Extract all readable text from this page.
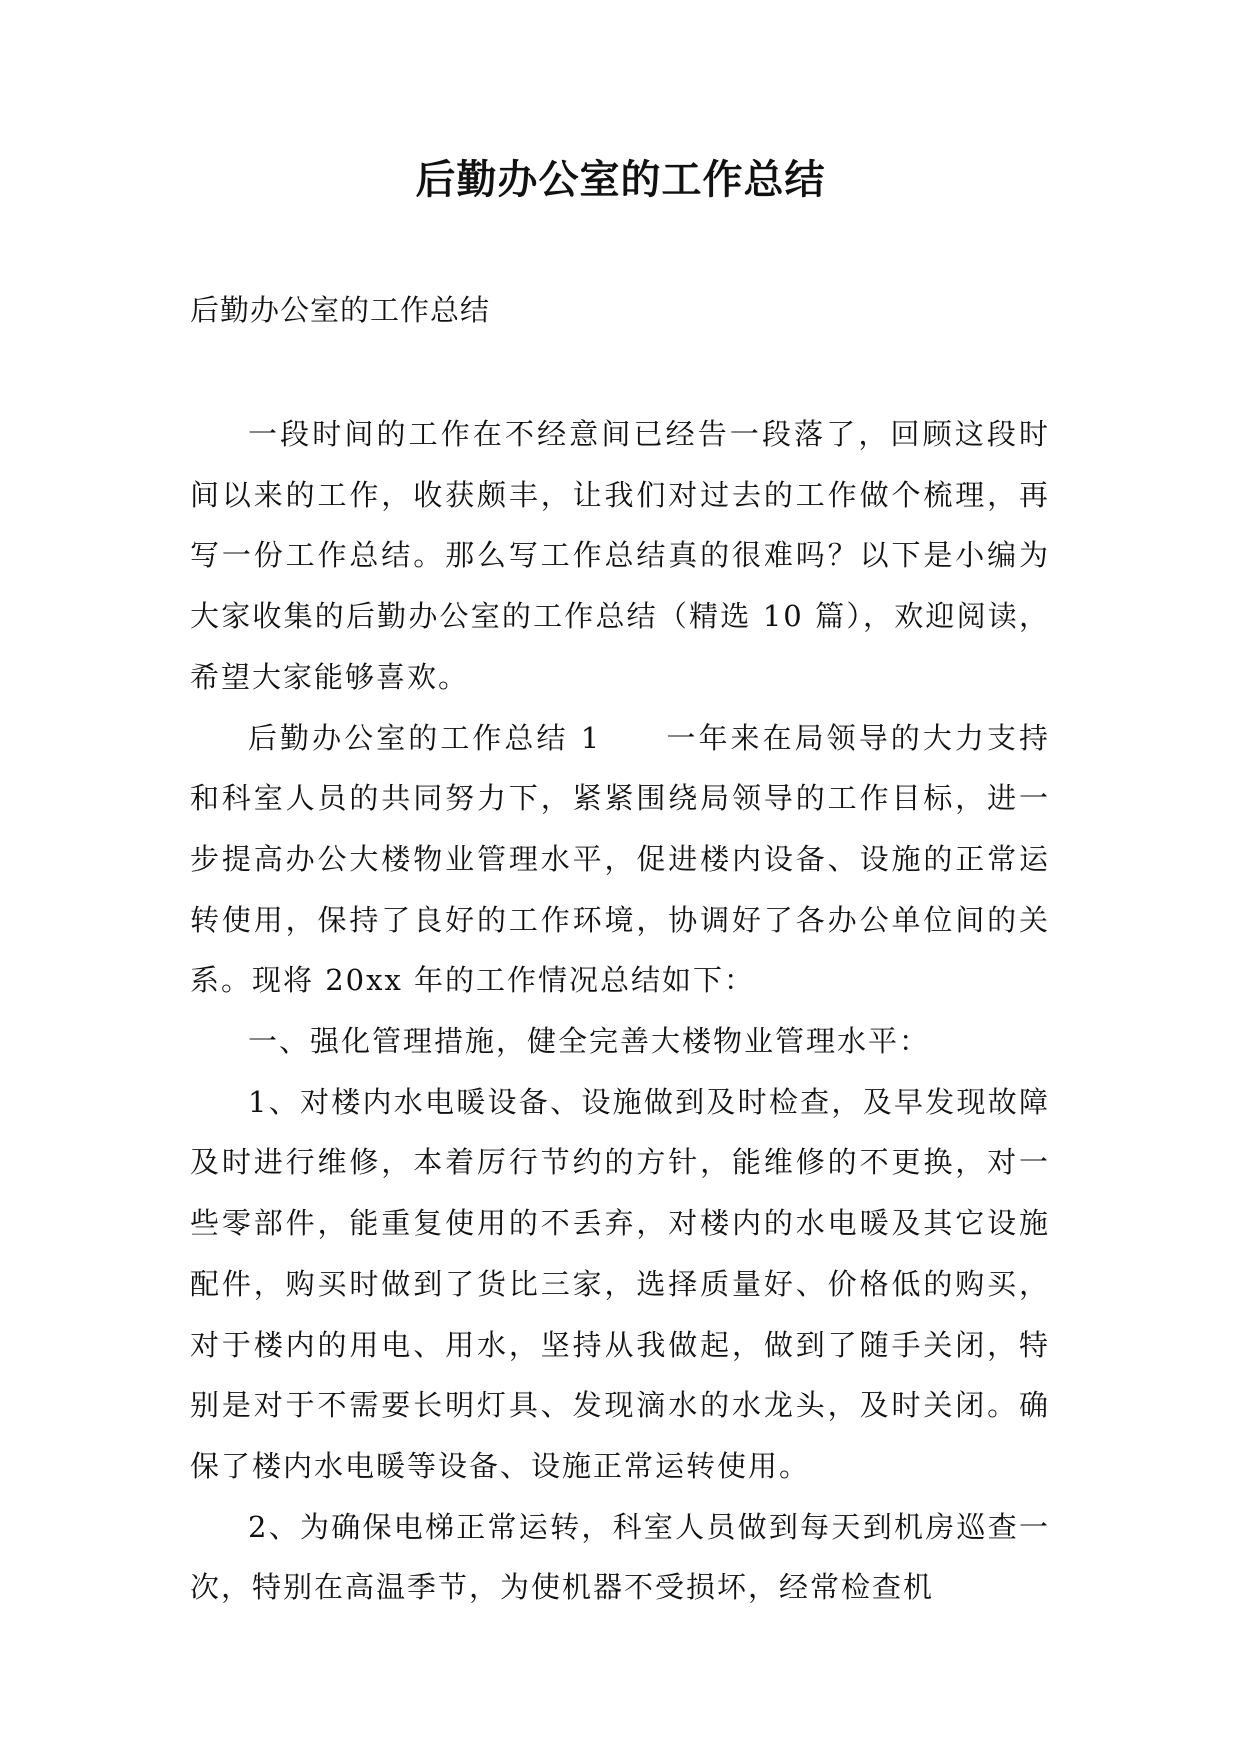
后勤办公室的工作总结
后勤办公室的工作总结

一段时间的工作在不经意间已经告一段落了，回顾这段时间以来的工作，收获颇丰，让我们对过去的工作做个梳理，再写一份工作总结。那么写工作总结真的很难吗？以下是小编为大家收集的后勤办公室的工作总结（精选 10 篇），欢迎阅读，希望大家能够喜欢。

后勤办公室的工作总结 1　　一年来在局领导的大力支持和科室人员的共同努力下，紧紧围绕局领导的工作目标，进一步提高办公大楼物业管理水平，促进楼内设备、设施的正常运转使用，保持了良好的工作环境，协调好了各办公单位间的关系。现将 20xx 年的工作情况总结如下：

一、强化管理措施，健全完善大楼物业管理水平：

1、对楼内水电暖设备、设施做到及时检查，及早发现故障及时进行维修，本着厉行节约的方针，能维修的不更换，对一些零部件，能重复使用的不丢弃，对楼内的水电暖及其它设施配件，购买时做到了货比三家，选择质量好、价格低的购买，对于楼内的用电、用水，坚持从我做起，做到了随手关闭，特别是对于不需要长明灯具、发现滴水的水龙头，及时关闭。确保了楼内水电暖等设备、设施正常运转使用。

2、为确保电梯正常运转，科室人员做到每天到机房巡查一次，特别在高温季节，为使机器不受损坏，经常检查机
